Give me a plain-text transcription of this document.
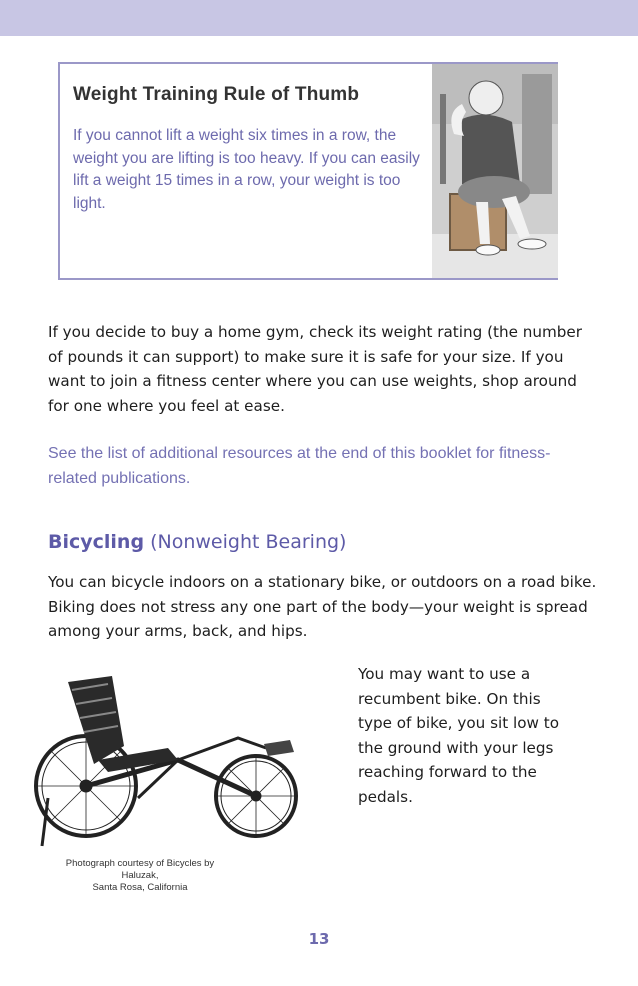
Weight Training Rule of Thumb
If you cannot lift a weight six times in a row, the weight you are lifting is too heavy. If you can easily lift a weight 15 times in a row, your weight is too light.
If you decide to buy a home gym, check its weight rating (the number of pounds it can support) to make sure it is safe for your size. If you want to join a fitness center where you can use weights, shop around for one where you feel at ease.
See the list of additional resources at the end of this booklet for fitness-related publications.
Bicycling (Nonweight Bearing)
You can bicycle indoors on a stationary bike, or outdoors on a road bike. Biking does not stress any one part of the body—your weight is spread among your arms, back, and hips.
You may want to use a recumbent bike. On this type of bike, you sit low to the ground with your legs reaching forward to the pedals.
Photograph courtesy of Bicycles by
Haluzak,
Santa Rosa, California
13
